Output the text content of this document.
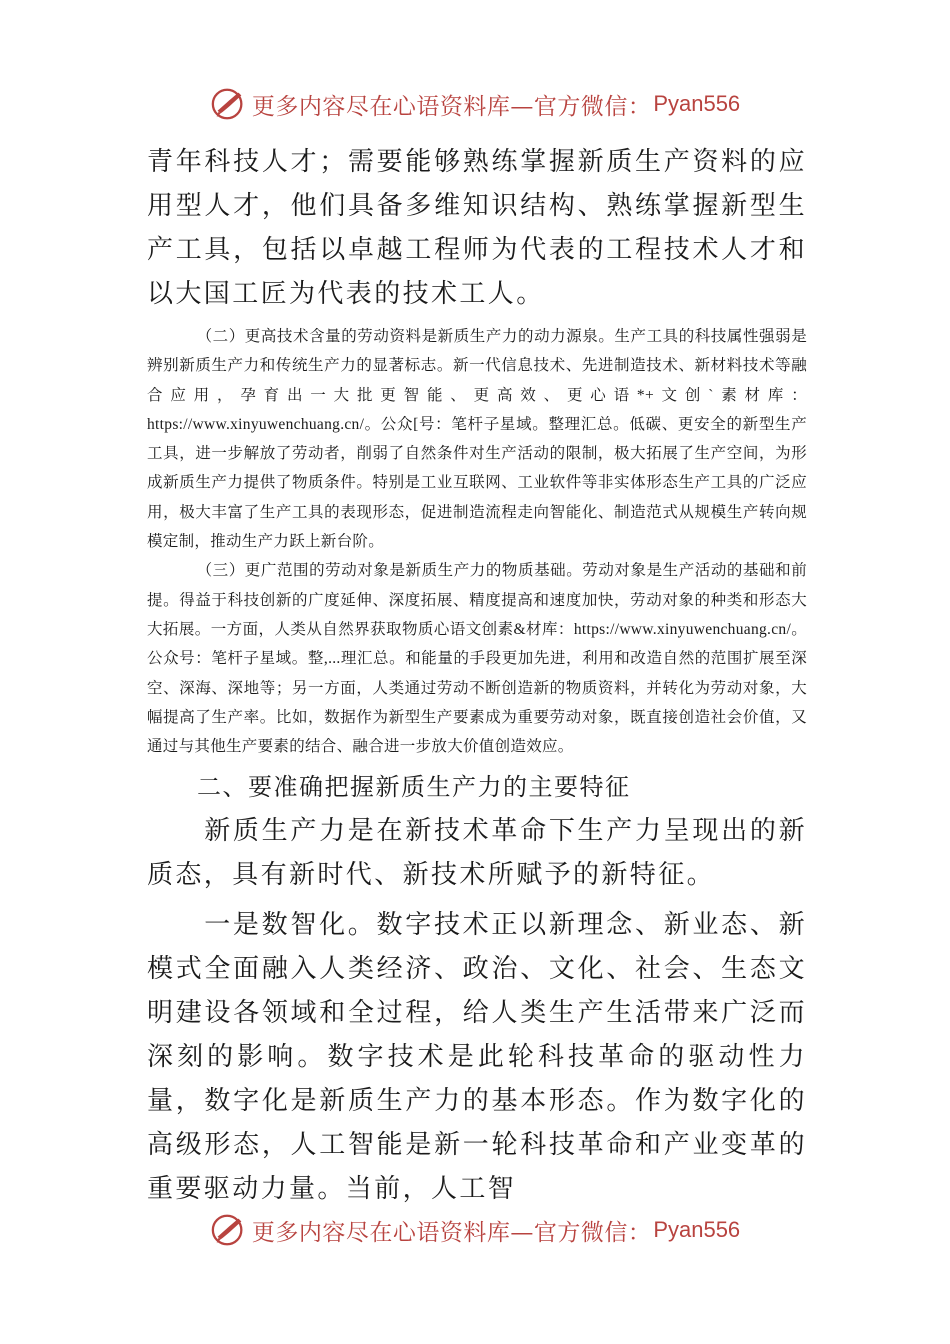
更多内容尽在心语资料库—官方微信： Pyan556

青年科技人才；需要能够熟练掌握新质生产资料的应用型人才，他们具备多维知识结构、熟练掌握新型生产工具，包括以卓越工程师为代表的工程技术人才和以大国工匠为代表的技术工人。

（二）更高技术含量的劳动资料是新质生产力的动力源泉。生产工具的科技属性强弱是辨别新质生产力和传统生产力的显著标志。新一代信息技术、先进制造技术、新材料技术等融合应用，孕育出一大批更智能、更高效、更心语*+文创`素材库：https://www.xinyuwenchuang.cn/。公众[号：笔杆子星域。整理汇总。低碳、更安全的新型生产工具，进一步解放了劳动者，削弱了自然条件对生产活动的限制，极大拓展了生产空间，为形成新质生产力提供了物质条件。特别是工业互联网、工业软件等非实体形态生产工具的广泛应用，极大丰富了生产工具的表现形态，促进制造流程走向智能化、制造范式从规模生产转向规模定制，推动生产力跃上新台阶。

（三）更广范围的劳动对象是新质生产力的物质基础。劳动对象是生产活动的基础和前提。得益于科技创新的广度延伸、深度拓展、精度提高和速度加快，劳动对象的种类和形态大大拓展。一方面，人类从自然界获取物质心语文创素&材库：https://www.xinyuwenchuang.cn/。公众号：笔杆子星域。整,...理汇总。和能量的手段更加先进，利用和改造自然的范围扩展至深空、深海、深地等；另一方面，人类通过劳动不断创造新的物质资料，并转化为劳动对象，大幅提高了生产率。比如，数据作为新型生产要素成为重要劳动对象，既直接创造社会价值，又通过与其他生产要素的结合、融合进一步放大价值创造效应。

二、要准确把握新质生产力的主要特征

新质生产力是在新技术革命下生产力呈现出的新质态，具有新时代、新技术所赋予的新特征。

一是数智化。数字技术正以新理念、新业态、新模式全面融入人类经济、政治、文化、社会、生态文明建设各领域和全过程，给人类生产生活带来广泛而深刻的影响。数字技术是此轮科技革命的驱动性力量，数字化是新质生产力的基本形态。作为数字化的高级形态，人工智能是新一轮科技革命和产业变革的重要驱动力量。当前，人工智

更多内容尽在心语资料库—官方微信： Pyan556
